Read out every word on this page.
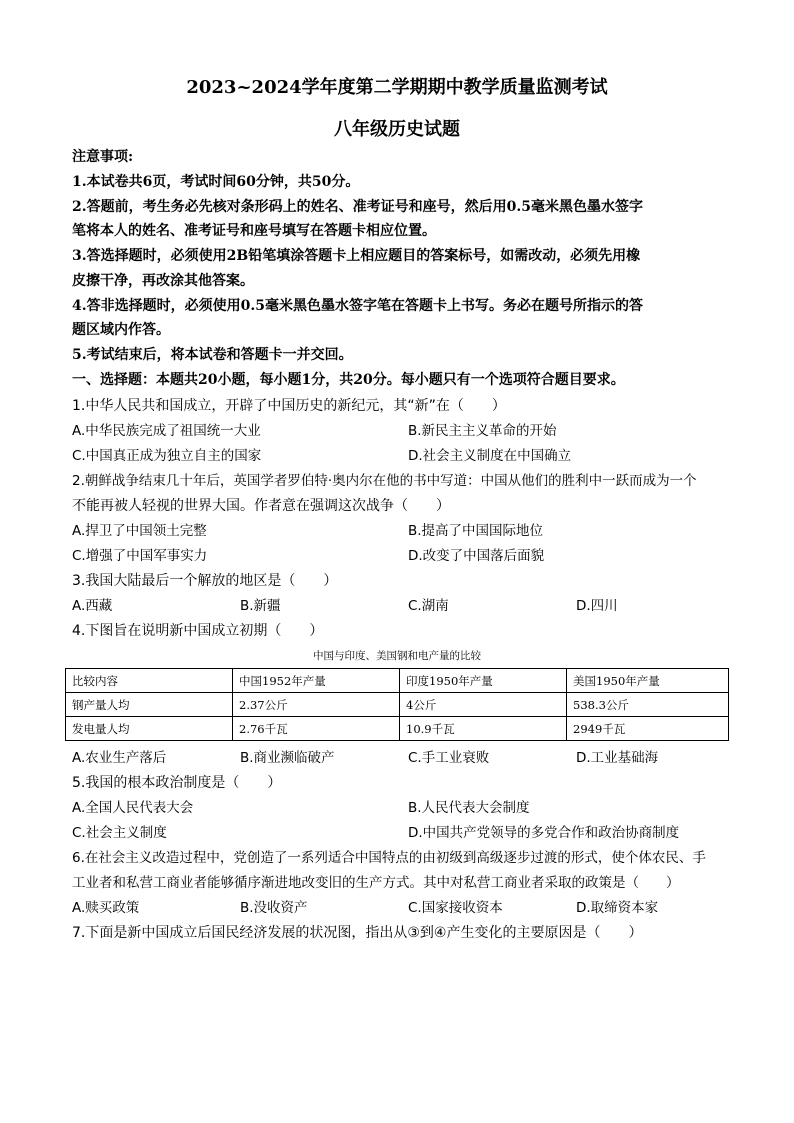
2023~2024学年度第二学期期中教学质量监测考试
八年级历史试题
注意事项:
1.本试卷共6页，考试时间60分钟，共50分。
2.答题前，考生务必先核对条形码上的姓名、准考证号和座号，然后用0.5毫米黑色墨水签字
笔将本人的姓名、准考证号和座号填写在答题卡相应位置。
3.答选择题时，必须使用2B铅笔填涂答题卡上相应题目的答案标号，如需改动，必须先用橡
皮擦干净，再改涂其他答案。
4.答非选择题时，必须使用0.5毫米黑色墨水签字笔在答题卡上书写。务必在题号所指示的答
题区域内作答。
5.考试结束后，将本试卷和答题卡一并交回。
一、选择题：本题共20小题，每小题1分，共20分。每小题只有一个选项符合题目要求。
1.中华人民共和国成立，开辟了中国历史的新纪元，其“新”在（　　）
A.中华民族完成了祖国统一大业	B.新民主主义革命的开始
C.中国真正成为独立自主的国家	D.社会主义制度在中国确立
2.朝鲜战争结束几十年后，英国学者罗伯特·奥内尔在他的书中写道：中国从他们的胜利中一跃而成为一个
不能再被人轻视的世界大国。作者意在强调这次战争（　　）
A.捍卫了中国领土完整	B.提高了中国国际地位
C.增强了中国军事实力	D.改变了中国落后面貌
3.我国大陆最后一个解放的地区是（　　）
A.西藏	B.新疆	C.湖南	D.四川
4.下图旨在说明新中国成立初期（　　）
中国与印度、美国钢和电产量的比较
比较内容	中国1952年产量	印度1950年产量	美国1950年产量
钢产量人均	2.37公斤	4公斤	538.3公斤
发电量人均	2.76千瓦	10.9千瓦	2949千瓦
A.农业生产落后	B.商业濒临破产	C.手工业衰败	D.工业基础海
5.我国的根本政治制度是（　　）
A.全国人民代表大会	B.人民代表大会制度
C.社会主义制度	D.中国共产党领导的多党合作和政治协商制度
6.在社会主义改造过程中，党创造了一系列适合中国特点的由初级到高级逐步过渡的形式，使个体农民、手
工业者和私营工商业者能够循序渐进地改变旧的生产方式。其中对私营工商业者采取的政策是（　　）
A.赎买政策	B.没收资产	C.国家接收资本	D.取缔资本家
7.下面是新中国成立后国民经济发展的状况图，指出从③到④产生变化的主要原因是（　　）
